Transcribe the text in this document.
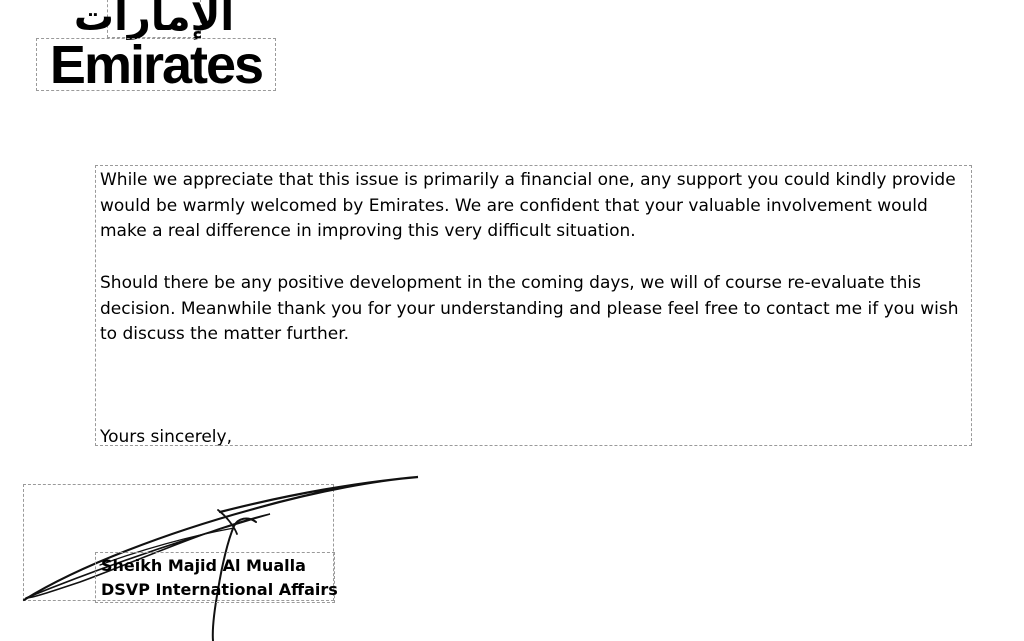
الإمارات
Emirates

While we appreciate that this issue is primarily a financial one, any support you could kindly provide would be warmly welcomed by Emirates. We are confident that your valuable involvement would make a real difference in improving this very difficult situation.

Should there be any positive development in the coming days, we will of course re-evaluate this decision. Meanwhile thank you for your understanding and please feel free to contact me if you wish to discuss the matter further.

Yours sincerely,

Sheikh Majid Al Mualla
DSVP International Affairs
